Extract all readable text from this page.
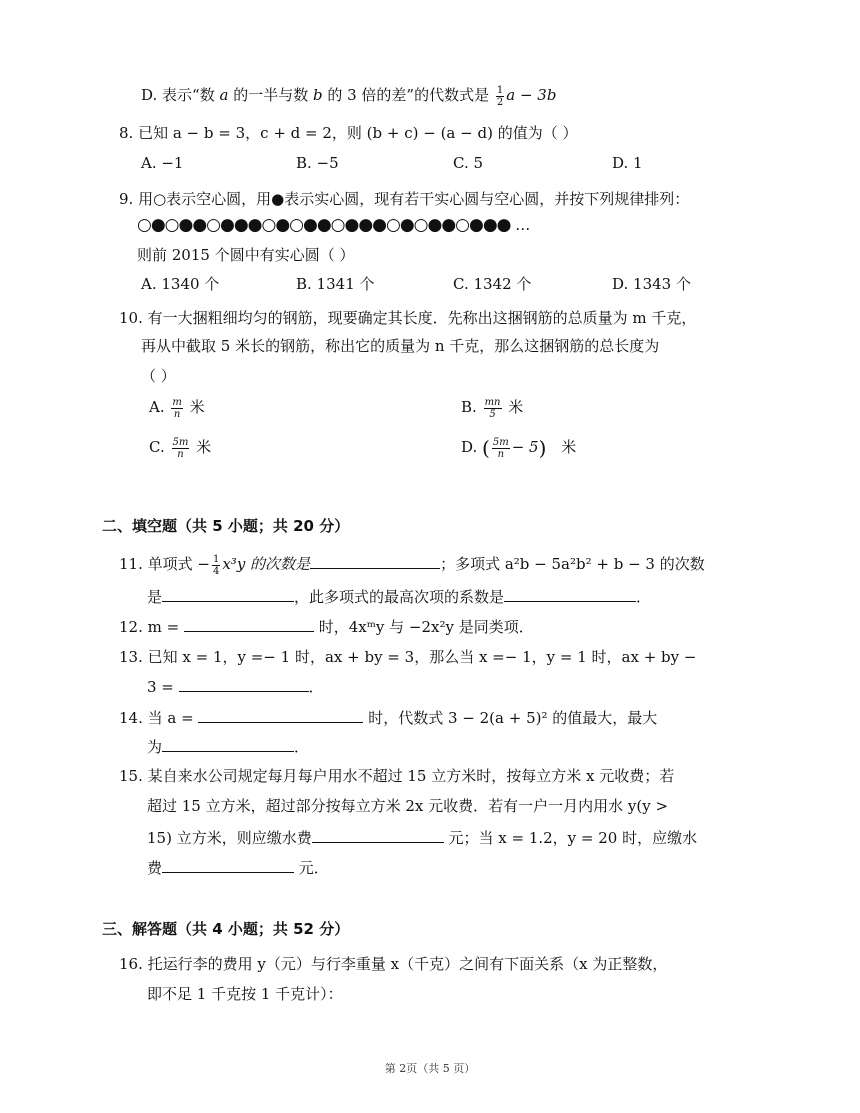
D. 表示“数 a 的一半与数 b 的 3 倍的差”的代数式是 $\frac{1}{2}$ a − 3b
8. 已知 a − b = 3，c + d = 2，则 (b + c) − (a − d) 的值为（ ）
A. −1	B. −5	C. 5	D. 1
9. 用○表示空心圆，用●表示实心圆，现有若干实心圆与空心圆，并按下列规律排列：
○●○●●○●●●○●○●●○●●●○●○●●○●●● …
则前 2015 个圆中有实心圆（ ）
A. 1340 个	B. 1341 个	C. 1342 个	D. 1343 个
10. 有一大捆粗细均匀的钢筋，现要确定其长度．先称出这捆钢筋的总质量为 m 千克，
再从中截取 5 米长的钢筋，称出它的质量为 n 千克，那么这捆钢筋的总长度为
（ ）
A. $\frac{m}{n}$ 米	B. $\frac{mn}{5}$ 米
C. $\frac{5m}{n}$ 米	D. ( $\frac{5m}{n} - 5$) 米
二、填空题（共 5 小题；共 20 分）
11. 单项式 − $\frac{1}{4} x^3y$ 的次数是	；多项式 a²b − 5a²b² + b − 3 的次数
是	，此多项式的最高次项的系数是	．
12. m =	时，4xᵐy 与 −2x²y 是同类项．
13. 已知 x = 1，y =− 1 时，ax + by = 3，那么当 x =− 1，y = 1 时，ax + by −
3 =	．
14. 当 a =	时，代数式 3 − 2(a + 5)² 的值最大，最大
为	．
15. 某自来水公司规定每月每户用水不超过 15 立方米时，按每立方米 x 元收费；若
超过 15 立方米，超过部分按每立方米 2x 元收费．若有一户一月内用水 y(y >
15) 立方米，则应缴水费	元；当 x = 1.2，y = 20 时，应缴水
费	元．
三、解答题（共 4 小题；共 52 分）
16. 托运行李的费用 y（元）与行李重量 x（千克）之间有下面关系（x 为正整数，
即不足 1 千克按 1 千克计）：
第 2页（共 5 页）
